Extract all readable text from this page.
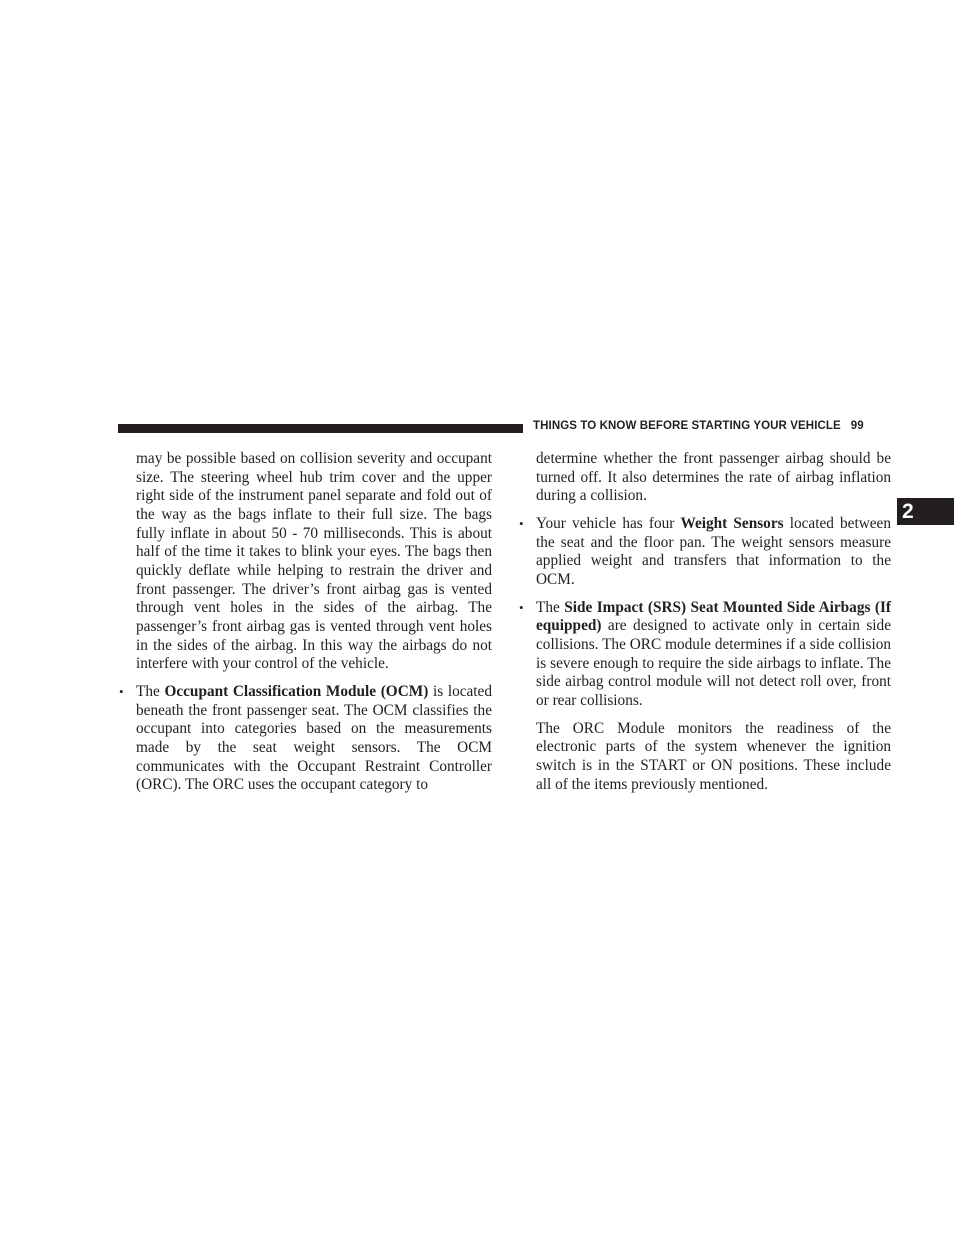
THINGS TO KNOW BEFORE STARTING YOUR VEHICLE 99
2

may be possible based on collision severity and occupant size. The steering wheel hub trim cover and the upper right side of the instrument panel separate and fold out of the way as the bags inflate to their full size. The bags fully inflate in about 50 - 70 milliseconds. This is about half of the time it takes to blink your eyes. The bags then quickly deflate while helping to restrain the driver and front passenger. The driver’s front airbag gas is vented through vent holes in the sides of the airbag. The passenger’s front airbag gas is vented through vent holes in the sides of the airbag. In this way the airbags do not interfere with your control of the vehicle.

• The Occupant Classification Module (OCM) is located beneath the front passenger seat. The OCM classifies the occupant into categories based on the measurements made by the seat weight sensors. The OCM communicates with the Occupant Restraint Controller (ORC). The ORC uses the occupant category to

determine whether the front passenger airbag should be turned off. It also determines the rate of airbag inflation during a collision.

• Your vehicle has four Weight Sensors located between the seat and the floor pan. The weight sensors measure applied weight and transfers that information to the OCM.

• The Side Impact (SRS) Seat Mounted Side Airbags (If equipped) are designed to activate only in certain side collisions. The ORC module determines if a side collision is severe enough to require the side airbags to inflate. The side airbag control module will not detect roll over, front or rear collisions.

The ORC Module monitors the readiness of the electronic parts of the system whenever the ignition switch is in the START or ON positions. These include all of the items previously mentioned.
